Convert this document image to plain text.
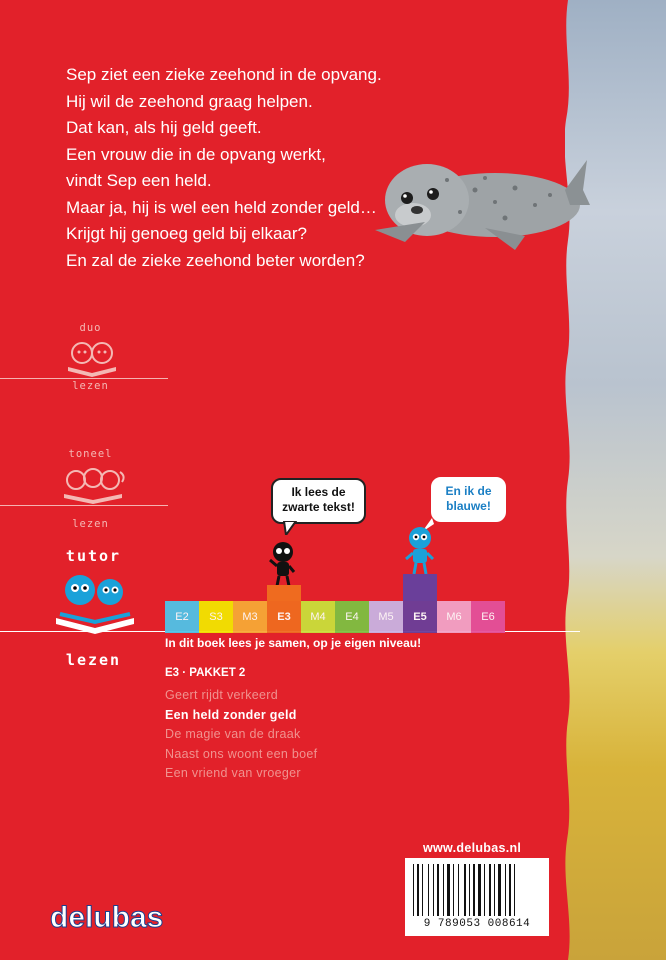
Sep ziet een zieke zeehond in de opvang.
Hij wil de zeehond graag helpen.
Dat kan, als hij geld geeft.
Een vrouw die in de opvang werkt,
vindt Sep een held.
Maar ja, hij is wel een held zonder geld…
Krijgt hij genoeg geld bij elkaar?
En zal de zieke zeehond beter worden?
duo
lezen
toneel
lezen
tutor
lezen
Ik lees de zwarte tekst!
En ik de blauwe!
E2	S3	M3	E3	M4	E4	M5	E5	M6	E6
In dit boek lees je samen, op je eigen niveau!
E3 · PAKKET 2
Geert rijdt verkeerd
Een held zonder geld
De magie van de draak
Naast ons woont een boef
Een vriend van vroeger
www.delubas.nl
9 789053 008614
delubas
